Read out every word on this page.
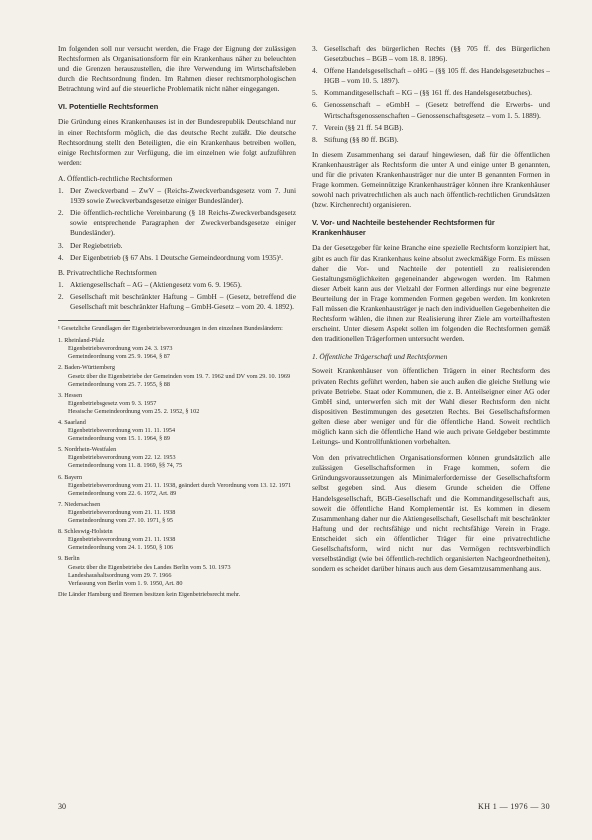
Im folgenden soll nur versucht werden, die Frage der Eignung der zulässigen Rechtsformen als Organisationsform für ein Krankenhaus näher zu beleuchten und die Grenzen herauszustellen, die ihre Verwendung im Wirtschaftsleben durch die Rechtsordnung finden. Im Rahmen dieser rechtsmorphologischen Betrachtung wird auf die steuerliche Problematik nicht näher eingegangen.

VI. Potentielle Rechtsformen

Die Gründung eines Krankenhauses ist in der Bundesrepublik Deutschland nur in einer Rechtsform möglich, die das deutsche Recht zuläßt. Die deutsche Rechtsordnung stellt den Beteiligten, die ein Krankenhaus betreiben wollen, einige Rechtsformen zur Verfügung, die im einzelnen wie folgt aufzuführen werden:

A. Öffentlich-rechtliche Rechtsformen
1. Der Zweckverband – ZwV – (Reichs-Zweckverbandsgesetz vom 7. Juni 1939 sowie Zweckverbandsgesetze einiger Bundesländer).
2. Die öffentlich-rechtliche Vereinbarung (§ 18 Reichs-Zweckverbandsgesetz sowie entsprechende Paragraphen der Zweckverbandsgesetze einiger Bundesländer).
3. Der Regiebetrieb.
4. Der Eigenbetrieb (§ 67 Abs. 1 Deutsche Gemeindeordnung vom 1935)¹.
B. Privatrechtliche Rechtsformen
1. Aktiengesellschaft – AG – (Aktiengesetz vom 6. 9. 1965).
2. Gesellschaft mit beschränkter Haftung – GmbH – (Gesetz, betreffend die Gesellschaft mit beschränkter Haftung – GmbH-Gesetz – vom 20. 4. 1892).
¹ Gesetzliche Grundlagen der Eigenbetriebsverordnungen in den einzelnen Bundesländern:
1. Rheinland-Pfalz
Eigenbetriebsverordnung vom 24. 3. 1973
Gemeindeordnung vom 25. 9. 1964, § 87
2. Baden-Württemberg
Gesetz über die Eigenbetriebe der Gemeinden vom 19. 7. 1962 und DV vom 29. 10. 1969
Gemeindeordnung vom 25. 7. 1955, § 88
3. Hessen
Eigenbetriebsgesetz vom 9. 3. 1957
Hessische Gemeindeordnung vom 25. 2. 1952, § 102
4. Saarland
Eigenbetriebsverordnung vom 11. 11. 1954
Gemeindeordnung vom 15. 1. 1964, § 89
5. Nordrhein-Westfalen
Eigenbetriebsverordnung vom 22. 12. 1953
Gemeindeordnung vom 11. 8. 1969, §§ 74, 75
6. Bayern
Eigenbetriebsverordnung vom 21. 11. 1938, geändert durch Verordnung vom 13. 12. 1971
Gemeindeordnung vom 22. 6. 1972, Art. 89
7. Niedersachsen
Eigenbetriebsverordnung vom 21. 11. 1938
Gemeindeordnung vom 27. 10. 1971, § 95
8. Schleswig-Holstein
Eigenbetriebsverordnung vom 21. 11. 1938
Gemeindeordnung vom 24. 1. 1950, § 106
9. Berlin
Gesetz über die Eigenbetriebe des Landes Berlin vom 5. 10. 1973
Landeshaushaltsordnung vom 29. 7. 1966
Verfassung von Berlin vom 1. 9. 1950, Art. 80
Die Länder Hamburg und Bremen besitzen kein Eigenbetriebsrecht mehr.
3. Gesellschaft des bürgerlichen Rechts (§§ 705 ff. des Bürgerlichen Gesetzbuches – BGB – vom 18. 8. 1896).
4. Offene Handelsgesellschaft – oHG – (§§ 105 ff. des Handelsgesetzbuches – HGB – vom 10. 5. 1897).
5. Kommanditgesellschaft – KG – (§§ 161 ff. des Handelsgesetzbuches).
6. Genossenschaft – eGmbH – (Gesetz betreffend die Erwerbs- und Wirtschaftsgenossenschaften – Genossenschaftsgesetz – vom 1. 5. 1889).
7. Verein (§§ 21 ff. 54 BGB).
8. Stiftung (§§ 80 ff. BGB).

In diesem Zusammenhang sei darauf hingewiesen, daß für die öffentlichen Krankenhausträger als Rechtsform die unter A und einige unter B genannten, und für die privaten Krankenhausträger nur die unter B genannten Formen in Frage kommen. Gemeinnützige Krankenhausträger können ihre Krankenhäuser sowohl nach privatrechtlichen als auch nach öffentlich-rechtlichen Grundsätzen (bzw. Kirchenrecht) organisieren.

V. Vor- und Nachteile bestehender Rechtsformen für Krankenhäuser

Da der Gesetzgeber für keine Branche eine spezielle Rechtsform konzipiert hat, gibt es auch für das Krankenhaus keine absolut zweckmäßige Form. Es müssen daher die Vor- und Nachteile der potentiell zu realisierenden Gestaltungsmöglichkeiten gegeneinander abgewogen werden. Im Rahmen dieser Arbeit kann aus der Vielzahl der Formen allerdings nur eine begrenzte Beurteilung der in Frage kommenden Formen gegeben werden. Im konkreten Fall müssen die Krankenhausträger je nach den individuellen Gegebenheiten die Rechtsform wählen, die ihnen zur Realisierung ihrer Ziele am vorteilhaftesten erscheint. Unter diesem Aspekt sollen im folgenden die Rechtsformen gemäß den traditionellen Trägerformen untersucht werden.

1. Öffentliche Trägerschaft und Rechtsformen

Soweit Krankenhäuser von öffentlichen Trägern in einer Rechtsform des privaten Rechts geführt werden, haben sie auch außen die gleiche Stellung wie private Betriebe. Staat oder Kommunen, die z. B. Anteilseigner einer AG oder GmbH sind, unterwerfen sich mit der Wahl dieser Rechtsform den nicht dispositiven Bestimmungen des gesetzten Rechts. Bei Gesellschaftsformen gelten diese aber weniger und für die öffentliche Hand. Soweit rechtlich möglich kann sich die öffentliche Hand wie auch private Geldgeber bestimmte Leitungs- und Kontrollfunktionen vorbehalten.

Von den privatrechtlichen Organisationsformen können grundsätzlich alle zulässigen Gesellschaftsformen in Frage kommen, sofern die Gründungsvoraussetzungen als Minimalerfordernisse der Gesellschaftsform selbst gegeben sind. Aus diesem Grunde scheiden die Offene Handelsgesellschaft, BGB-Gesellschaft und die Kommanditgesellschaft aus, soweit die öffentliche Hand Komplementär ist. Es kommen in diesem Zusammenhang daher nur die Aktiengesellschaft, Gesellschaft mit beschränkter Haftung und der rechtsfähige und nicht rechtsfähige Verein in Frage. Entscheidet sich ein öffentlicher Träger für eine privatrechtliche Gesellschaftsform, wird nicht nur das Vermögen rechtsverbindlich verselbständigt (wie bei öffentlich-rechtlich organisierten Nachgeordnetheiten), sondern es scheidet darüber hinaus auch aus dem Gesamtzusammenhang aus.

30	KH 1 — 1976 — 30
